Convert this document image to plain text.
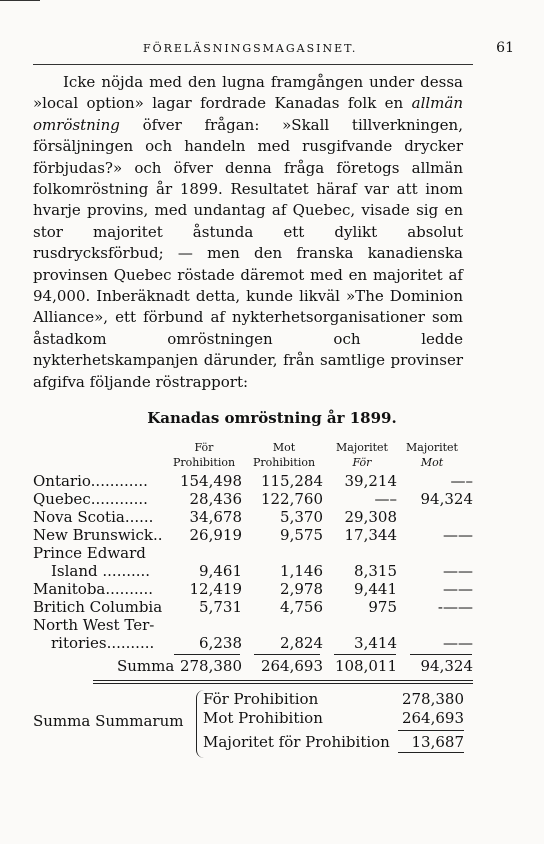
FÖRELÄSNINGSMAGASINET.	61

Icke nöjda med den lugna framgången under dessa »local option» lagar fordrade Kanadas folk en allmän omröstning öfver frågan: »Skall tillverkningen, försäljningen och handeln med rusgifvande drycker förbjudas?» och öfver denna fråga företogs allmän folkomröstning år 1899. Resultatet häraf var att inom hvarje provins, med undantag af Quebec, visade sig en stor majoritet åstunda ett dylikt absolut rusdrycksförbud; — men den franska kanadienska provinsen Quebec röstade däremot med en majoritet af 94,000. Inberäknadt detta, kunde likväl »The Dominion Alliance», ett förbund af nykterhetsorganisationer som åstadkom omröstningen och ledde nykterhetskampanjen därunder, från samtlige provinser afgifva följande röstrapport:

Kanadas omröstning år 1899.
För
Prohibition
Mot
Prohibition
Majoritet
För
Majoritet
Mot
Ontario............ 154,498 115,284 39,214	—–
Quebec............	28,436 122,760	—– 94,324
Nova Scotia...... 34,678	5,370 29,308
New Brunswick.. 26,919	9,575 17,344	——
Prince Edward
Island ..........	9,461	1,146 8,315	——
Manitoba.......... 12,419	2,978 9,441	——
Britich Columbia 5,731	4,756	975	-——
North West Ter-
ritories..........	6,238	2,824 3,414	——
Summa 278,380 264,693 108,011 94,324
Summa Summarum
För Prohibition	278,380
Mot Prohibition	264,693
Majoritet för Prohibition 13,687
